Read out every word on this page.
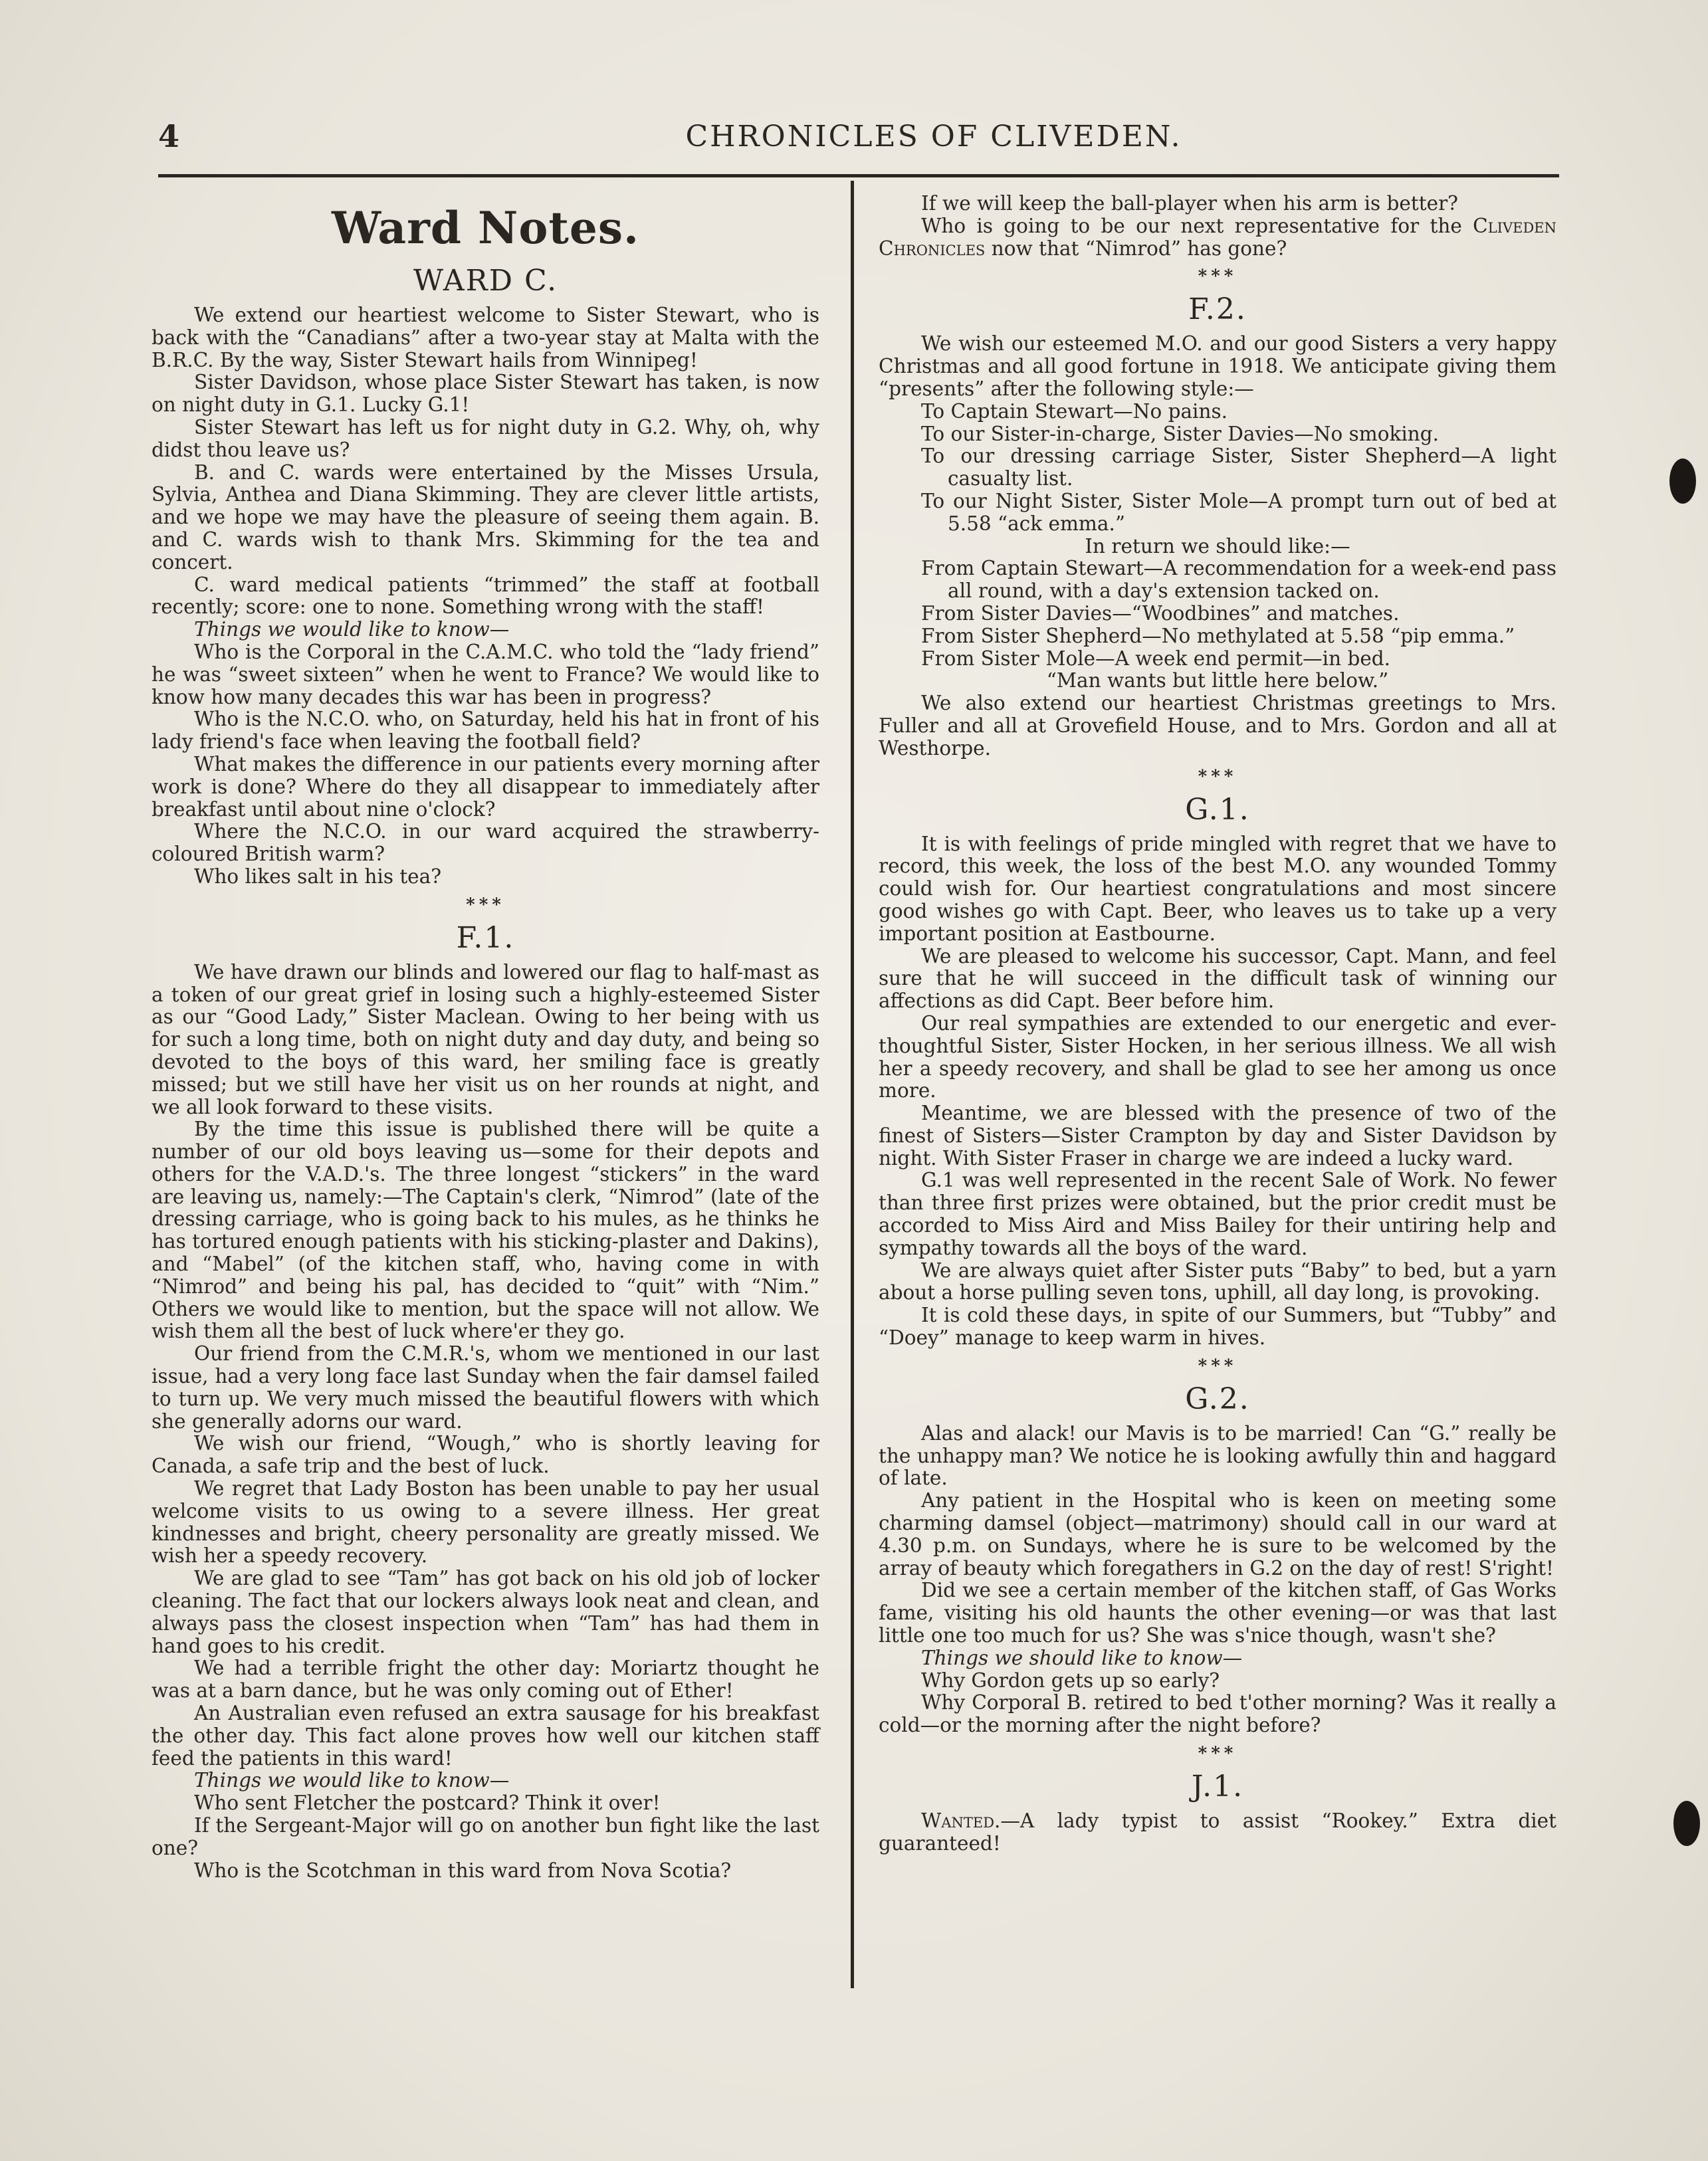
4	CHRONICLES OF CLIVEDEN.
Ward Notes.
WARD C.

We extend our heartiest welcome to Sister Stewart, who is back with the “Canadians” after a two-year stay at Malta with the B.R.C. By the way, Sister Stewart hails from Winnipeg!

Sister Davidson, whose place Sister Stewart has taken, is now on night duty in G.1. Lucky G.1!

Sister Stewart has left us for night duty in G.2. Why, oh, why didst thou leave us?

B. and C. wards were entertained by the Misses Ursula, Sylvia, Anthea and Diana Skimming. They are clever little artists, and we hope we may have the pleasure of seeing them again. B. and C. wards wish to thank Mrs. Skimming for the tea and concert.

C. ward medical patients “trimmed” the staff at football recently; score: one to none. Something wrong with the staff!

Things we would like to know—

Who is the Corporal in the C.A.M.C. who told the “lady friend” he was “sweet sixteen” when he went to France? We would like to know how many decades this war has been in progress?

Who is the N.C.O. who, on Saturday, held his hat in front of his lady friend's face when leaving the football field?

What makes the difference in our patients every morning after work is done? Where do they all disappear to immediately after breakfast until about nine o'clock?

Where the N.C.O. in our ward acquired the strawberry-coloured British warm?

Who likes salt in his tea?

***
F.1.

We have drawn our blinds and lowered our flag to half-mast as a token of our great grief in losing such a highly-esteemed Sister as our “Good Lady,” Sister Maclean. Owing to her being with us for such a long time, both on night duty and day duty, and being so devoted to the boys of this ward, her smiling face is greatly missed; but we still have her visit us on her rounds at night, and we all look forward to these visits.

By the time this issue is published there will be quite a number of our old boys leaving us—some for their depots and others for the V.A.D.'s. The three longest “stickers” in the ward are leaving us, namely:—The Captain's clerk, “Nimrod” (late of the dressing carriage, who is going back to his mules, as he thinks he has tortured enough patients with his sticking-plaster and Dakins), and “Mabel” (of the kitchen staff, who, having come in with “Nimrod” and being his pal, has decided to “quit” with “Nim.” Others we would like to mention, but the space will not allow. We wish them all the best of luck where'er they go.

Our friend from the C.M.R.'s, whom we mentioned in our last issue, had a very long face last Sunday when the fair damsel failed to turn up. We very much missed the beautiful flowers with which she generally adorns our ward.

We wish our friend, “Wough,” who is shortly leaving for Canada, a safe trip and the best of luck.

We regret that Lady Boston has been unable to pay her usual welcome visits to us owing to a severe illness. Her great kindnesses and bright, cheery personality are greatly missed. We wish her a speedy recovery.

We are glad to see “Tam” has got back on his old job of locker cleaning. The fact that our lockers always look neat and clean, and always pass the closest inspection when “Tam” has had them in hand goes to his credit.

We had a terrible fright the other day: Moriartz thought he was at a barn dance, but he was only coming out of Ether!

An Australian even refused an extra sausage for his breakfast the other day. This fact alone proves how well our kitchen staff feed the patients in this ward!

Things we would like to know—

Who sent Fletcher the postcard? Think it over!

If the Sergeant-Major will go on another bun fight like the last one?

Who is the Scotchman in this ward from Nova Scotia?

If we will keep the ball-player when his arm is better?

Who is going to be our next representative for the Cliveden Chronicles now that “Nimrod” has gone?

***
F.2.

We wish our esteemed M.O. and our good Sisters a very happy Christmas and all good fortune in 1918. We anticipate giving them “presents” after the following style:—

To Captain Stewart—No pains.

To our Sister-in-charge, Sister Davies—No smoking.

To our dressing carriage Sister, Sister Shepherd—A light casualty list.

To our Night Sister, Sister Mole—A prompt turn out of bed at 5.58 “ack emma.”

In return we should like:—

From Captain Stewart—A recommendation for a week-end pass all round, with a day's extension tacked on.

From Sister Davies—“Woodbines” and matches.

From Sister Shepherd—No methylated at 5.58 “pip emma.”

From Sister Mole—A week end permit—in bed.

“Man wants but little here below.”

We also extend our heartiest Christmas greetings to Mrs. Fuller and all at Grovefield House, and to Mrs. Gordon and all at Westhorpe.

***
G.1.

It is with feelings of pride mingled with regret that we have to record, this week, the loss of the best M.O. any wounded Tommy could wish for. Our heartiest congratulations and most sincere good wishes go with Capt. Beer, who leaves us to take up a very important position at Eastbourne.

We are pleased to welcome his successor, Capt. Mann, and feel sure that he will succeed in the difficult task of winning our affections as did Capt. Beer before him.

Our real sympathies are extended to our energetic and ever-thoughtful Sister, Sister Hocken, in her serious illness. We all wish her a speedy recovery, and shall be glad to see her among us once more.

Meantime, we are blessed with the presence of two of the finest of Sisters—Sister Crampton by day and Sister Davidson by night. With Sister Fraser in charge we are indeed a lucky ward.

G.1 was well represented in the recent Sale of Work. No fewer than three first prizes were obtained, but the prior credit must be accorded to Miss Aird and Miss Bailey for their untiring help and sympathy towards all the boys of the ward.

We are always quiet after Sister puts “Baby” to bed, but a yarn about a horse pulling seven tons, uphill, all day long, is provoking.

It is cold these days, in spite of our Summers, but “Tubby” and “Doey” manage to keep warm in hives.

***
G.2.

Alas and alack! our Mavis is to be married! Can “G.” really be the unhappy man? We notice he is looking awfully thin and haggard of late.

Any patient in the Hospital who is keen on meeting some charming damsel (object—matrimony) should call in our ward at 4.30 p.m. on Sundays, where he is sure to be welcomed by the array of beauty which foregathers in G.2 on the day of rest! S'right!

Did we see a certain member of the kitchen staff, of Gas Works fame, visiting his old haunts the other evening—or was that last little one too much for us? She was s'nice though, wasn't she?

Things we should like to know—

Why Gordon gets up so early?

Why Corporal B. retired to bed t'other morning? Was it really a cold—or the morning after the night before?

***
J.1.

Wanted.—A lady typist to assist “Rookey.” Extra diet guaranteed!
